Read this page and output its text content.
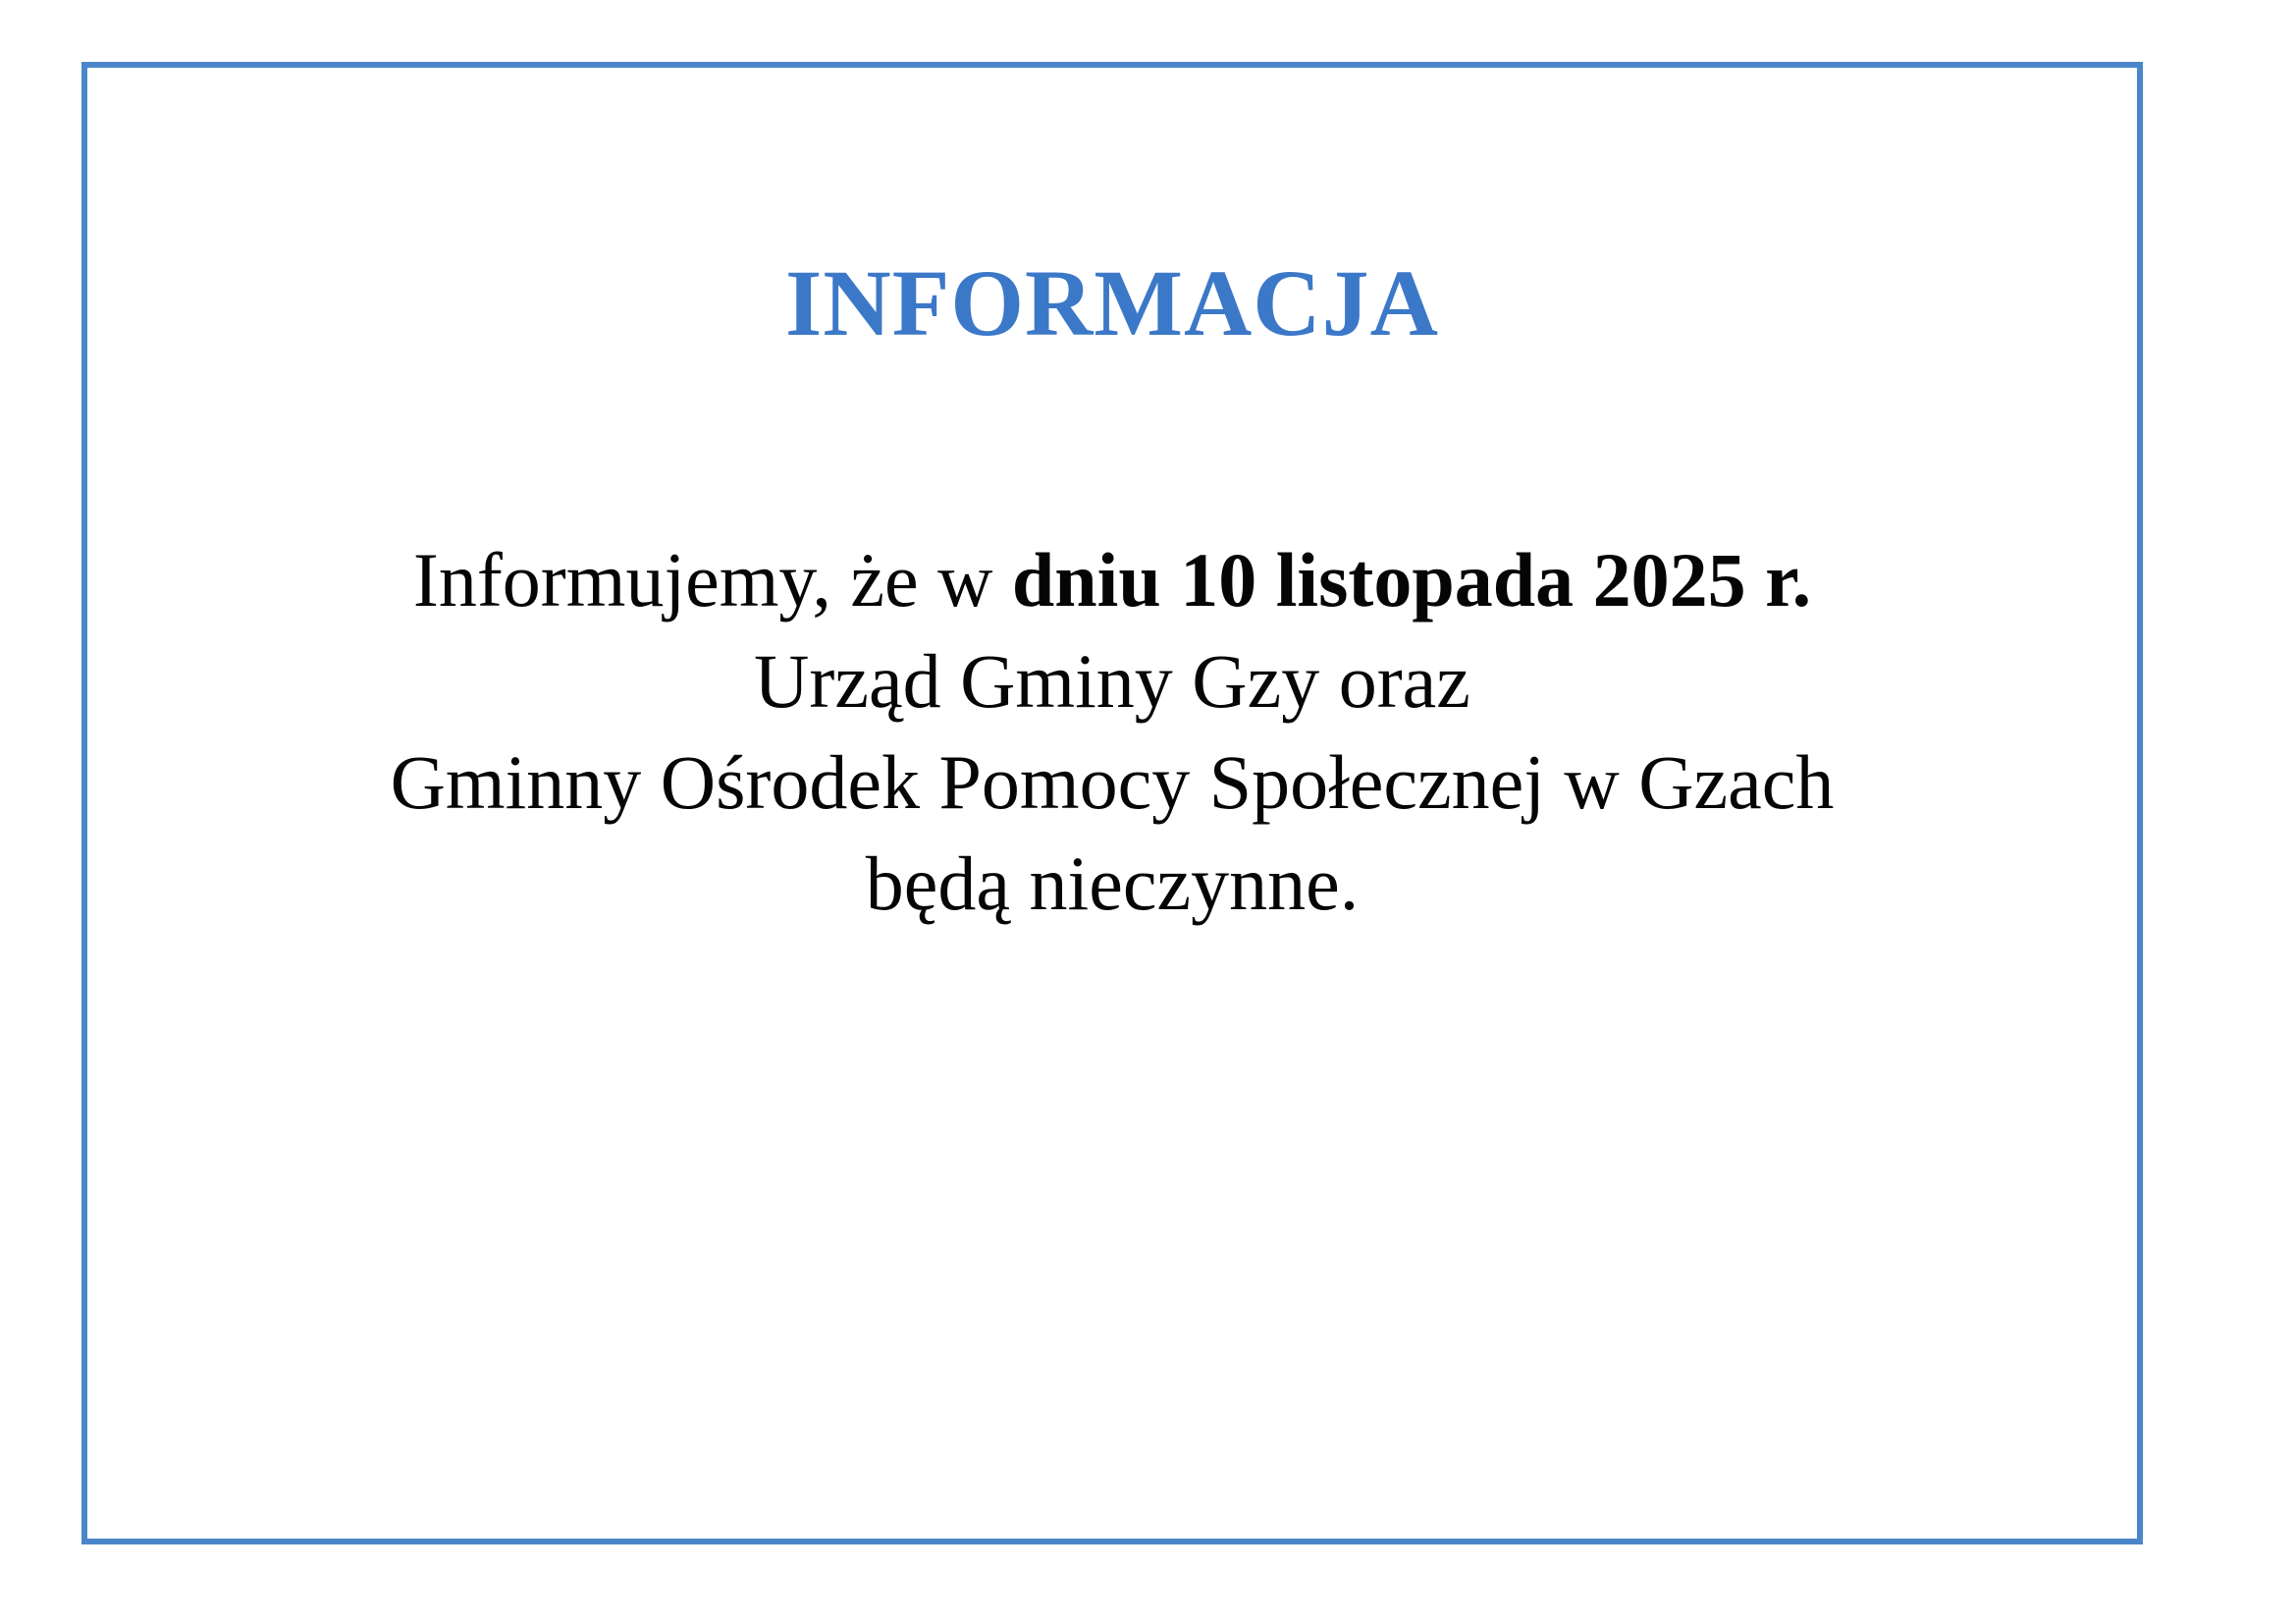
INFORMACJA
Informujemy, że w dniu 10 listopada 2025 r.
Urząd Gminy Gzy oraz
Gminny Ośrodek Pomocy Społecznej w Gzach
będą nieczynne.
